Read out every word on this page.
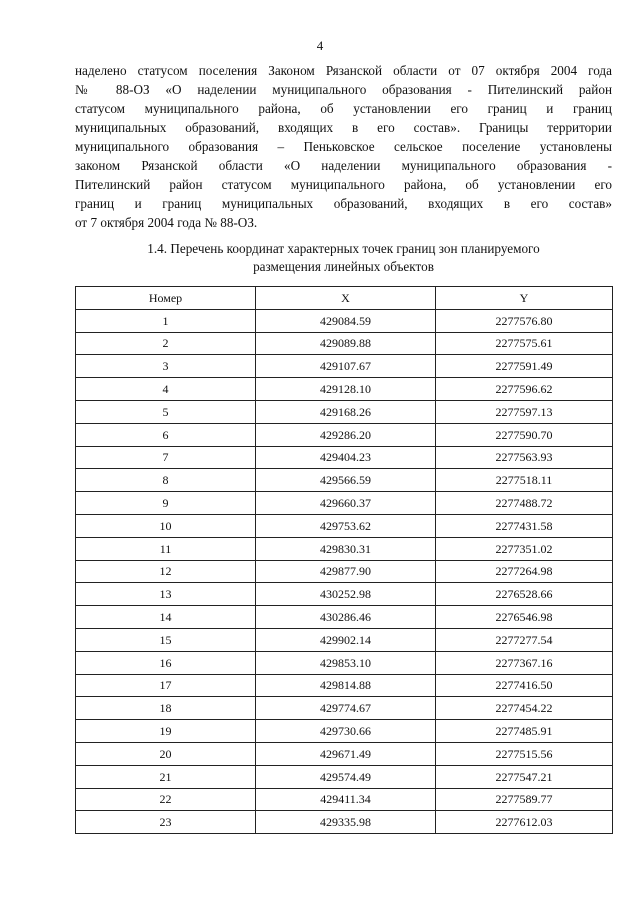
4
наделено статусом поселения Законом Рязанской области от 07 октября 2004 года
№ 88-ОЗ «О наделении муниципального образования - Пителинский район
статусом муниципального района, об установлении его границ и границ
муниципальных образований, входящих в его состав». Границы территории
муниципального образования – Пеньковское сельское поселение установлены
законом Рязанской области «О наделении муниципального образования -
Пителинский район статусом муниципального района, об установлении его
границ и границ муниципальных образований, входящих в его состав»
от 7 октября 2004 года № 88-ОЗ.
1.4. Перечень координат характерных точек границ зон планируемого
размещения линейных объектов
Номер	X	Y
1	429084.59	2277576.80
2	429089.88	2277575.61
3	429107.67	2277591.49
4	429128.10	2277596.62
5	429168.26	2277597.13
6	429286.20	2277590.70
7	429404.23	2277563.93
8	429566.59	2277518.11
9	429660.37	2277488.72
10	429753.62	2277431.58
11	429830.31	2277351.02
12	429877.90	2277264.98
13	430252.98	2276528.66
14	430286.46	2276546.98
15	429902.14	2277277.54
16	429853.10	2277367.16
17	429814.88	2277416.50
18	429774.67	2277454.22
19	429730.66	2277485.91
20	429671.49	2277515.56
21	429574.49	2277547.21
22	429411.34	2277589.77
23	429335.98	2277612.03
